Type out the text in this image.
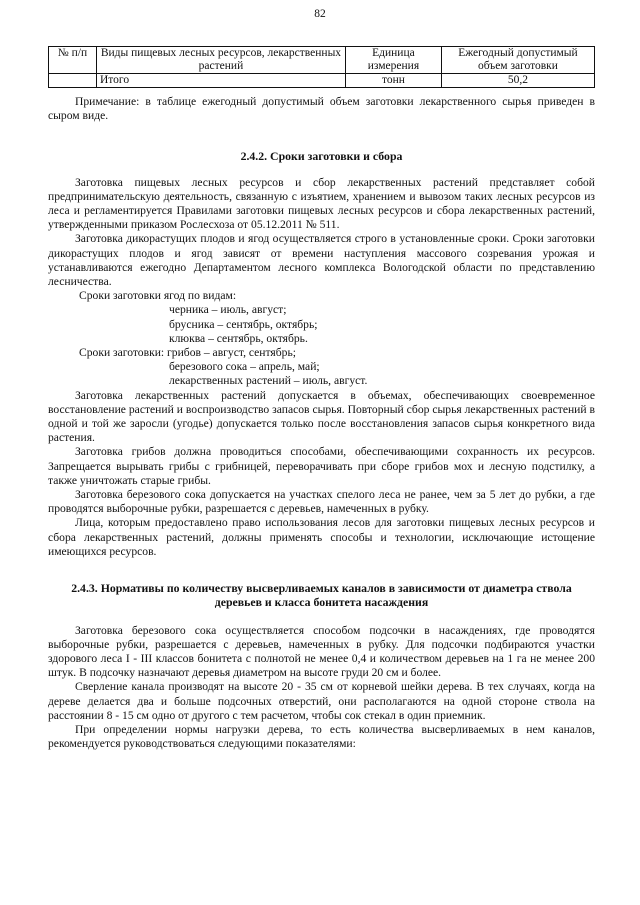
82
№ п/п	Виды пищевых лесных ресурсов, лекарственных растений	Единица измерения	Ежегодный допустимый объем заготовки
	Итого	тонн	50,2

Примечание: в таблице ежегодный допустимый объем заготовки лекарственного сырья приведен в сыром виде.

2.4.2. Сроки заготовки и сбора

Заготовка пищевых лесных ресурсов и сбор лекарственных растений представляет собой предпринимательскую деятельность, связанную с изъятием, хранением и вывозом таких лесных ресурсов из леса и регламентируется Правилами заготовки пищевых лесных ресурсов и сбора лекарственных растений, утвержденными приказом Рослесхоза от 05.12.2011 № 511.

Заготовка дикорастущих плодов и ягод осуществляется строго в установленные сроки. Сроки заготовки дикорастущих плодов и ягод зависят от времени наступления массового созревания урожая и устанавливаются ежегодно Департаментом лесного комплекса Вологодской области по представлению лесничества.

Сроки заготовки ягод по видам:

черника – июль, август;

брусника – сентябрь, октябрь;

клюква – сентябрь, октябрь.

Сроки заготовки: грибов – август, сентябрь;

березового сока – апрель, май;

лекарственных растений – июль, август.

Заготовка лекарственных растений допускается в объемах, обеспечивающих своевременное восстановление растений и воспроизводство запасов сырья. Повторный сбор сырья лекарственных растений в одной и той же заросли (угодье) допускается только после восстановления запасов сырья конкретного вида растения.

Заготовка грибов должна проводиться способами, обеспечивающими сохранность их ресурсов. Запрещается вырывать грибы с грибницей, переворачивать при сборе грибов мох и лесную подстилку, а также уничтожать старые грибы.

Заготовка березового сока допускается на участках спелого леса не ранее, чем за 5 лет до рубки, а где проводятся выборочные рубки, разрешается с деревьев, намеченных в рубку.

Лица, которым предоставлено право использования лесов для заготовки пищевых лесных ресурсов и сбора лекарственных растений, должны применять способы и технологии, исключающие истощение имеющихся ресурсов.

2.4.3. Нормативы по количеству высверливаемых каналов в зависимости от диаметра ствола деревьев и класса бонитета насаждения

Заготовка березового сока осуществляется способом подсочки в насаждениях, где проводятся выборочные рубки, разрешается с деревьев, намеченных в рубку. Для подсочки подбираются участки здорового леса I - III классов бонитета с полнотой не менее 0,4 и количеством деревьев на 1 га не менее 200 штук. В подсочку назначают деревья диаметром на высоте груди 20 см и более.

Сверление канала производят на высоте 20 - 35 см от корневой шейки дерева. В тех случаях, когда на дереве делается два и больше подсочных отверстий, они располагаются на одной стороне ствола на расстоянии 8 - 15 см одно от другого с тем расчетом, чтобы сок стекал в один приемник.

При определении нормы нагрузки дерева, то есть количества высверливаемых в нем каналов, рекомендуется руководствоваться следующими показателями:
